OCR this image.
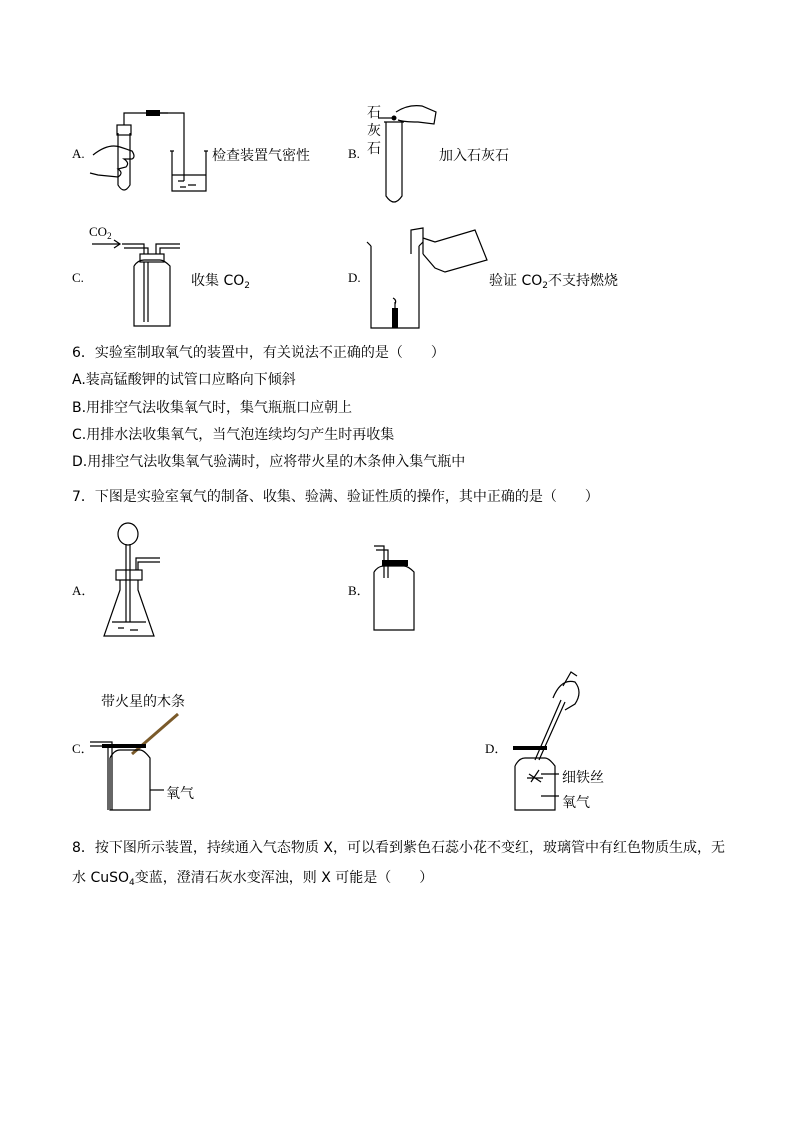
A.	检查装置气密性	B.
石
灰
石	加入石灰石
C.
$CO_2$
收集 $CO_2$
D.	验证 $CO_2$不支持燃烧
6．实验室制取氧气的装置中，有关说法不正确的是（　　）
A.装高锰酸钾的试管口应略向下倾斜
B.用排空气法收集氧气时，集气瓶瓶口应朝上
C.用排水法收集氧气，当气泡连续均匀产生时再收集
D.用排空气法收集氧气验满时，应将带火星的木条伸入集气瓶中
7．下图是实验室氧气的制备、收集、验满、验证性质的操作，其中正确的是（　　）
A．	B．
C．
带火星的木条
氧气
D．
细铁丝
氧气
8．按下图所示装置，持续通入气态物质 X，可以看到紫色石蕊小花不变红，玻璃管中有红色物质生成，无
水 CuSO$_4$变蓝，澄清石灰水变浑浊，则 X 可能是（　　）
